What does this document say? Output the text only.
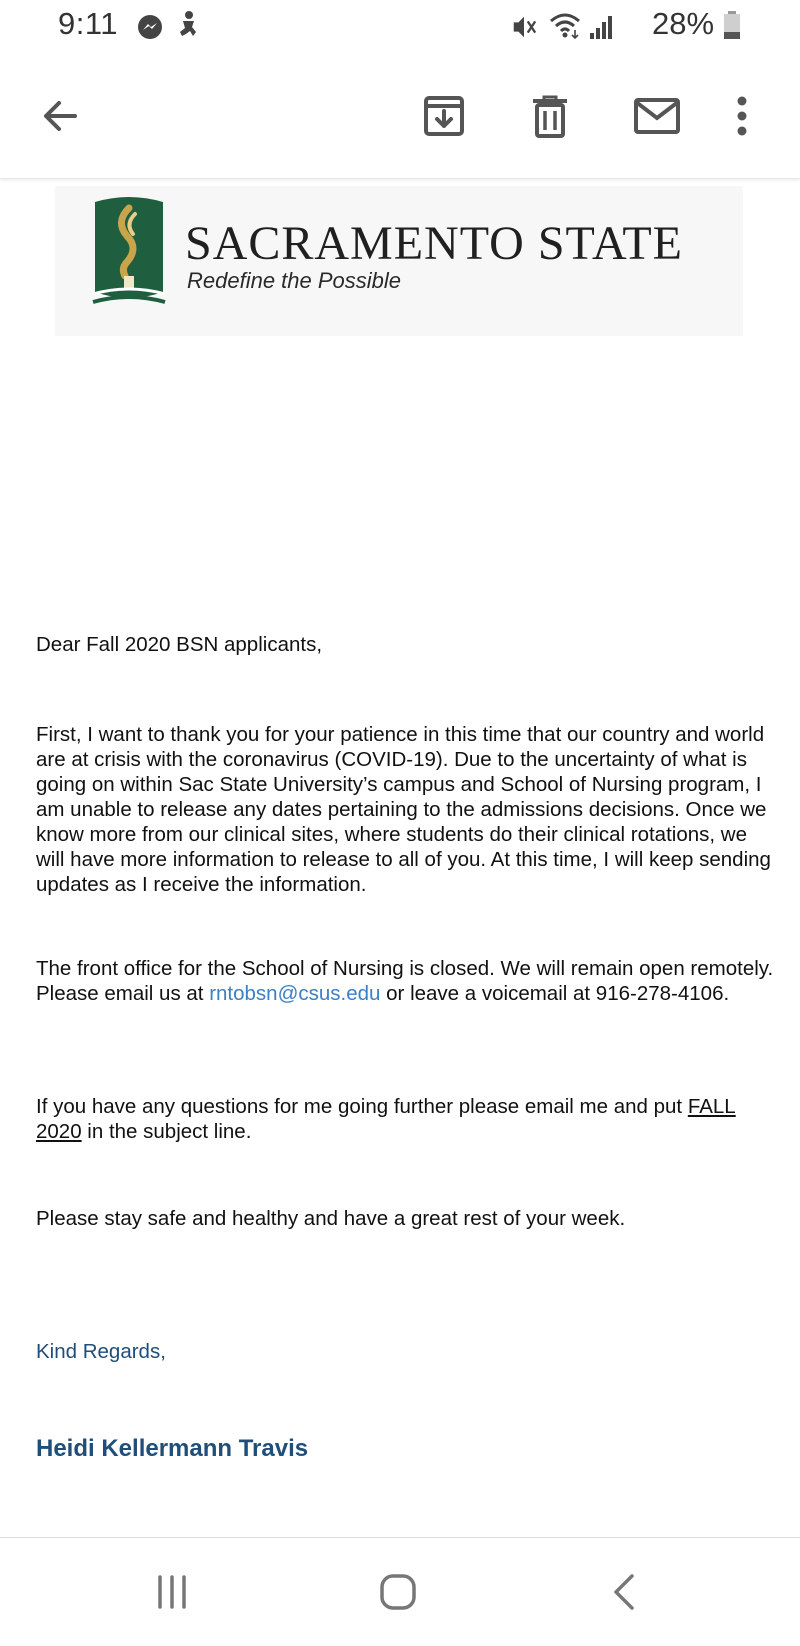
9:11	28%
SACRAMENTO STATE
Redefine the Possible

Dear Fall 2020 BSN applicants,

First, I want to thank you for your patience in this time that our country and world are at crisis with the coronavirus (COVID-19). Due to the uncertainty of what is going on within Sac State University’s campus and School of Nursing program, I am unable to release any dates pertaining to the admissions decisions. Once we know more from our clinical sites, where students do their clinical rotations, we will have more information to release to all of you. At this time, I will keep sending updates as I receive the information.

The front office for the School of Nursing is closed. We will remain open remotely. Please email us at rntobsn@csus.edu or leave a voicemail at 916-278-4106.

If you have any questions for me going further please email me and put FALL 2020 in the subject line.

Please stay safe and healthy and have a great rest of your week.

Kind Regards,

Heidi Kellermann Travis
